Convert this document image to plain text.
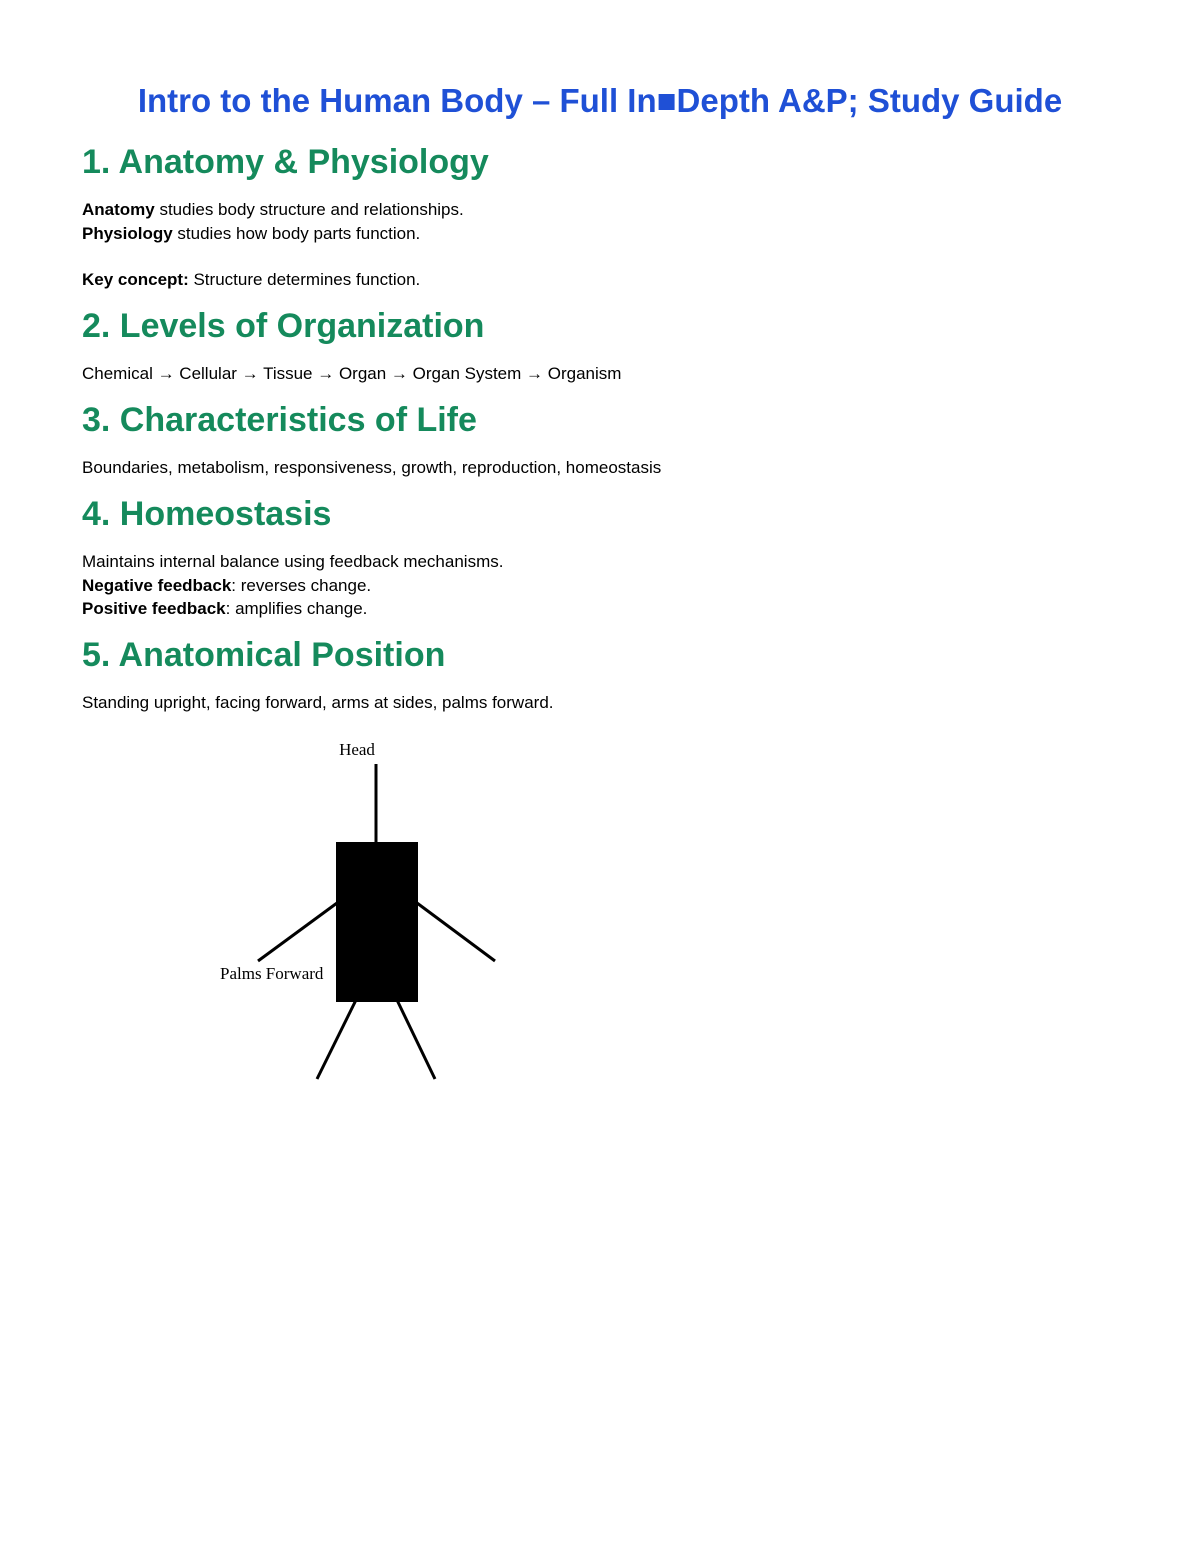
Intro to the Human Body – Full In■Depth A&P; Study Guide
1. Anatomy & Physiology

Anatomy studies body structure and relationships.

Physiology studies how body parts function.

Key concept: Structure determines function.

2. Levels of Organization

Chemical → Cellular → Tissue → Organ → Organ System → Organism

3. Characteristics of Life

Boundaries, metabolism, responsiveness, growth, reproduction, homeostasis

4. Homeostasis

Maintains internal balance using feedback mechanisms.

Negative feedback: reverses change.

Positive feedback: amplifies change.

5. Anatomical Position

Standing upright, facing forward, arms at sides, palms forward.

Head
Palms Forward
